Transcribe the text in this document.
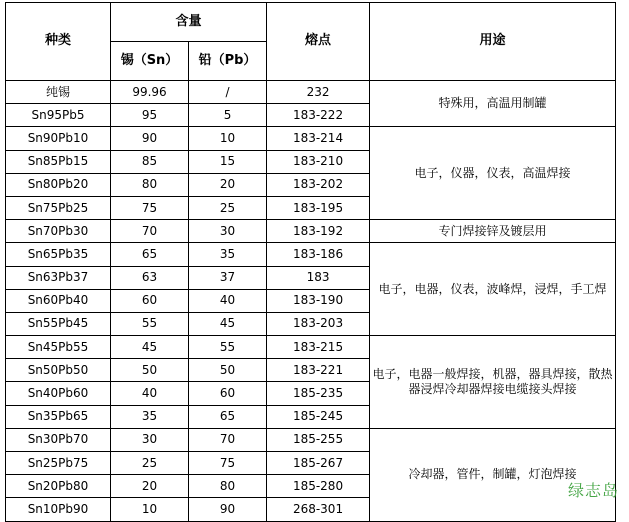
种类	含量		熔点	用途
	锡（Sn）	铅（Pb）		
纯锡	99.96	/	232	特殊用，高温用制罐
Sn95Pb5	95	5	183-222	
Sn90Pb10	90	10	183-214	电子，仪器，仪表，高温焊接
Sn85Pb15	85	15	183-210	
Sn80Pb20	80	20	183-202	
Sn75Pb25	75	25	183-195	
Sn70Pb30	70	30	183-192	专门焊接锌及镀层用
Sn65Pb35	65	35	183-186	电子，电器，仪表，波峰焊，浸焊，手工焊
Sn63Pb37	63	37	183	
Sn60Pb40	60	40	183-190	
Sn55Pb45	55	45	183-203	
Sn45Pb55	45	55	183-215	电子，电器一般焊接，机器，器具焊接，散热器浸焊冷却器焊接电缆接头焊接
Sn50Pb50	50	50	183-221	
Sn40Pb60	40	60	185-235	
Sn35Pb65	35	65	185-245	
Sn30Pb70	30	70	185-255	冷却器，管件，制罐，灯泡焊接
Sn25Pb75	25	75	185-267	
Sn20Pb80	20	80	185-280	
Sn10Pb90	10	90	268-301	
绿志岛
